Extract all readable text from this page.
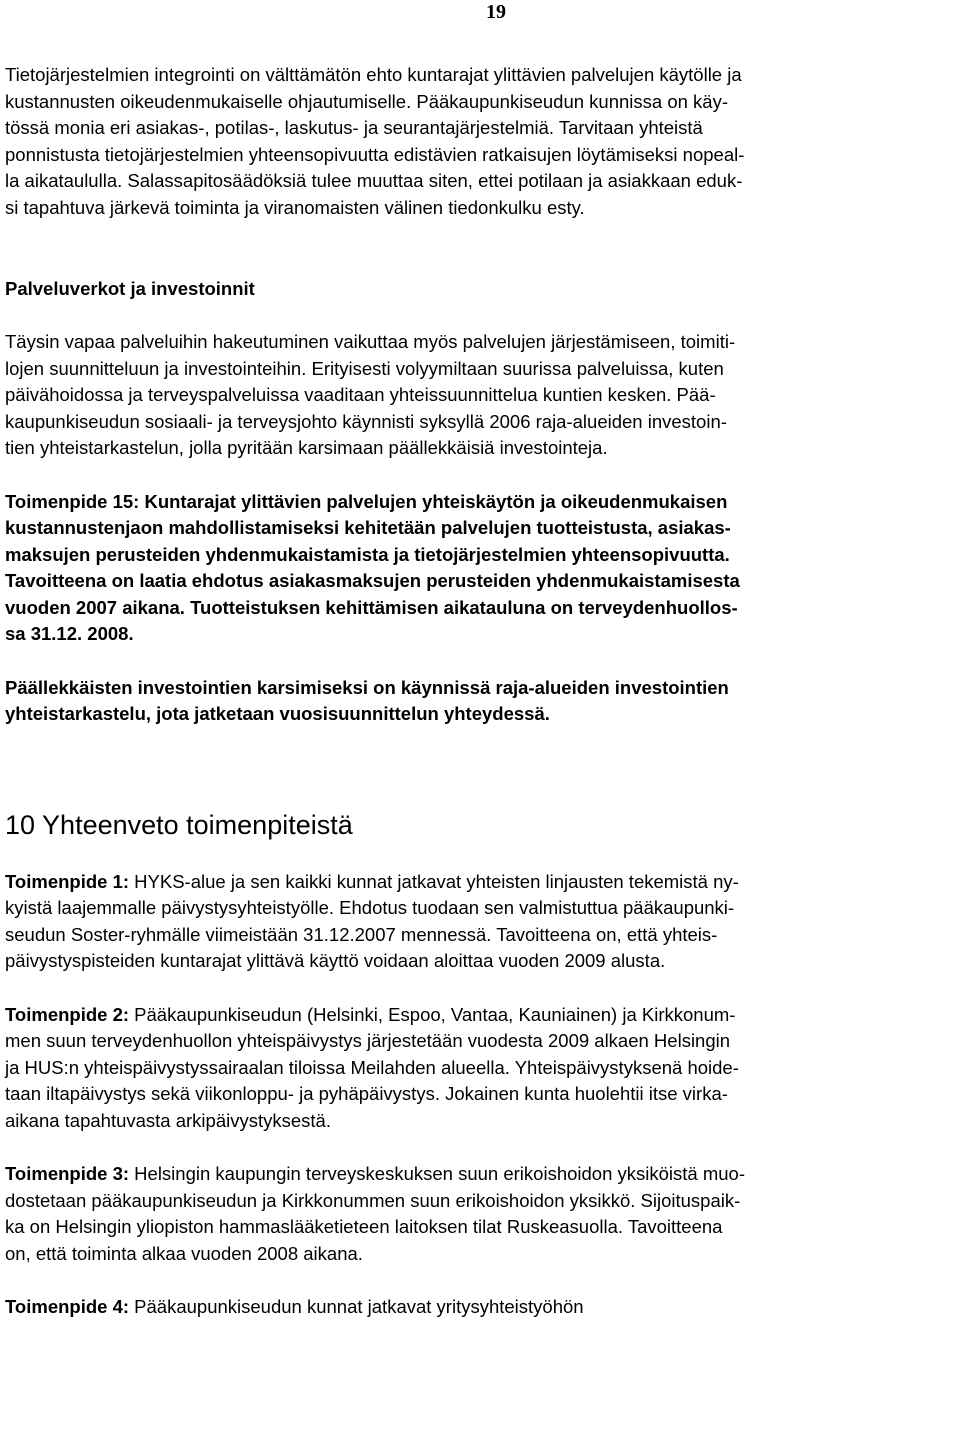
19

Tietojärjestelmien integrointi on välttämätön ehto kuntarajat ylittävien palvelujen käytölle ja
kustannusten oikeudenmukaiselle ohjautumiselle. Pääkaupunkiseudun kunnissa on käy-
tössä monia eri asiakas-, potilas-, laskutus- ja seurantajärjestelmiä. Tarvitaan yhteistä
ponnistusta tietojärjestelmien yhteensopivuutta edistävien ratkaisujen löytämiseksi nopeal-
la aikataululla. Salassapitosäädöksiä tulee muuttaa siten, ettei potilaan ja asiakkaan eduk-
si tapahtuva järkevä toiminta ja viranomaisten välinen tiedonkulku esty.

Palveluverkot ja investoinnit

Täysin vapaa palveluihin hakeutuminen vaikuttaa myös palvelujen järjestämiseen, toimiti-
lojen suunnitteluun ja investointeihin. Erityisesti volyymiltaan suurissa palveluissa, kuten
päivähoidossa ja terveyspalveluissa vaaditaan yhteissuunnittelua kuntien kesken. Pää-
kaupunkiseudun sosiaali- ja terveysjohto käynnisti syksyllä 2006 raja-alueiden investoin-
tien yhteistarkastelun, jolla pyritään karsimaan päällekkäisiä investointeja.

Toimenpide 15: Kuntarajat ylittävien palvelujen yhteiskäytön ja oikeudenmukaisen
kustannustenjaon mahdollistamiseksi kehitetään palvelujen tuotteistusta, asiakas-
maksujen perusteiden yhdenmukaistamista ja tietojärjestelmien yhteensopivuutta.
Tavoitteena on laatia ehdotus asiakasmaksujen perusteiden yhdenmukaistamisesta
vuoden 2007 aikana. Tuotteistuksen kehittämisen aikatauluna on terveydenhuollos-
sa 31.12. 2008.

Päällekkäisten investointien karsimiseksi on käynnissä raja-alueiden investointien
yhteistarkastelu, jota jatketaan vuosisuunnittelun yhteydessä.

10 Yhteenveto toimenpiteistä

Toimenpide 1: HYKS-alue ja sen kaikki kunnat jatkavat yhteisten linjausten tekemistä ny-
kyistä laajemmalle päivystysyhteistyölle. Ehdotus tuodaan sen valmistuttua pääkaupunki-
seudun Soster-ryhmälle viimeistään 31.12.2007 mennessä. Tavoitteena on, että yhteis-
päivystyspisteiden kuntarajat ylittävä käyttö voidaan aloittaa vuoden 2009 alusta.

Toimenpide 2: Pääkaupunkiseudun (Helsinki, Espoo, Vantaa, Kauniainen) ja Kirkkonum-
men suun terveydenhuollon yhteispäivystys järjestetään vuodesta 2009 alkaen Helsingin
ja HUS:n yhteispäivystyssairaalan tiloissa Meilahden alueella. Yhteispäivystyksenä hoide-
taan iltapäivystys sekä viikonloppu- ja pyhäpäivystys. Jokainen kunta huolehtii itse virka-
aikana tapahtuvasta arkipäivystyksestä.

Toimenpide 3: Helsingin kaupungin terveyskeskuksen suun erikoishoidon yksiköistä muo-
dostetaan pääkaupunkiseudun ja Kirkkonummen suun erikoishoidon yksikkö. Sijoituspaik-
ka on Helsingin yliopiston hammaslääketieteen laitoksen tilat Ruskeasuolla. Tavoitteena
on, että toiminta alkaa vuoden 2008 aikana.

Toimenpide 4: Pääkaupunkiseudun kunnat jatkavat yritysyhteistyöhön
